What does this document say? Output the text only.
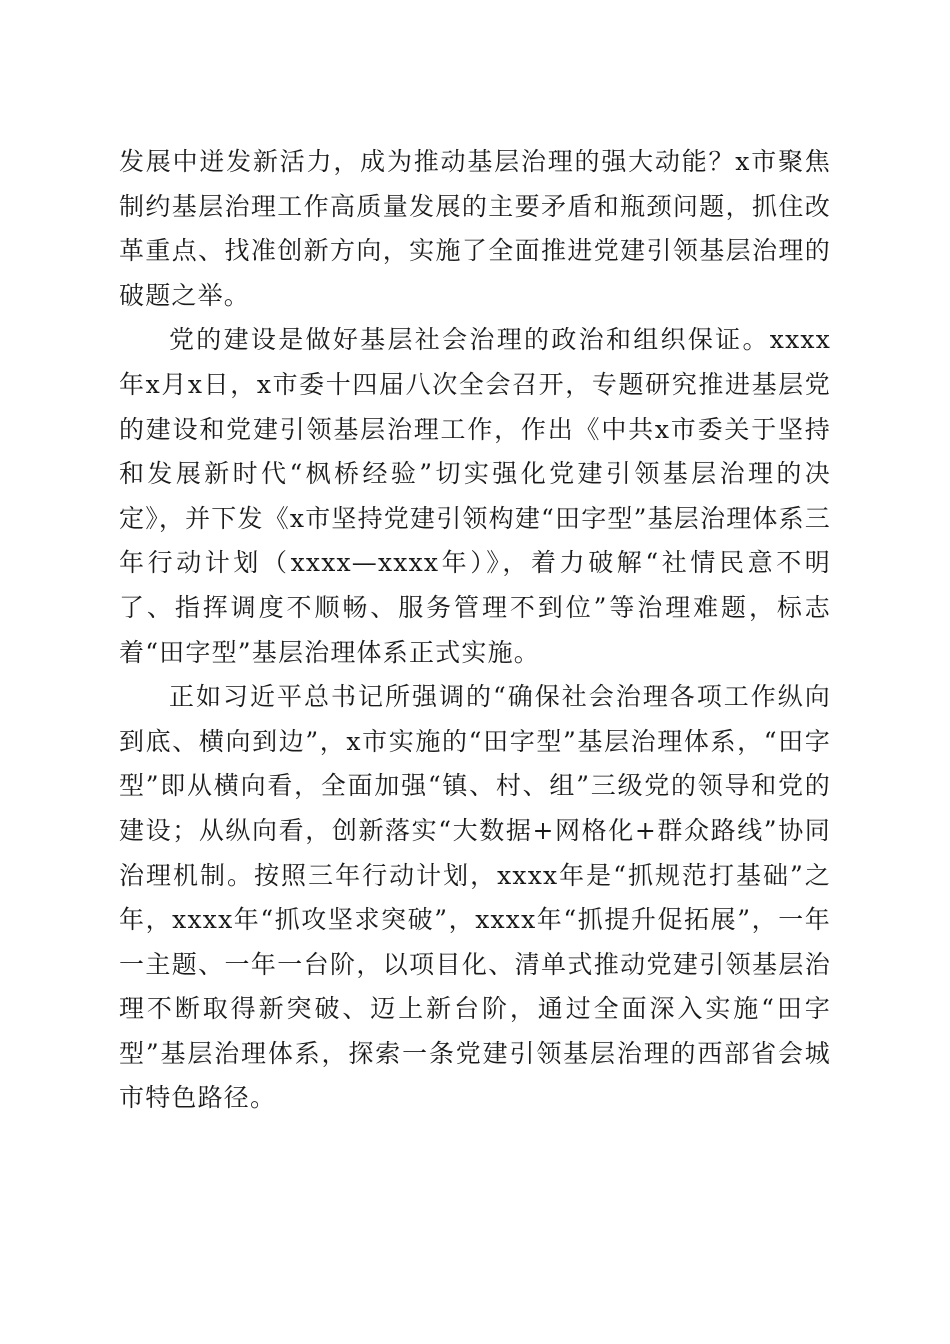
发展中迸发新活力，成为推动基层治理的强大动能？x市聚焦制约基层治理工作高质量发展的主要矛盾和瓶颈问题，抓住改革重点、找准创新方向，实施了全面推进党建引领基层治理的破题之举。

党的建设是做好基层社会治理的政治和组织保证。xxxx年x月x日，x市委十四届八次全会召开，专题研究推进基层党的建设和党建引领基层治理工作，作出《中共x市委关于坚持和发展新时代“枫桥经验”切实强化党建引领基层治理的决定》，并下发《x市坚持党建引领构建“田字型”基层治理体系三年行动计划（xxxx—xxxx年）》，着力破解“社情民意不明了、指挥调度不顺畅、服务管理不到位”等治理难题，标志着“田字型”基层治理体系正式实施。

正如习近平总书记所强调的“确保社会治理各项工作纵向到底、横向到边”，x市实施的“田字型”基层治理体系，“田字型”即从横向看，全面加强“镇、村、组”三级党的领导和党的建设；从纵向看，创新落实“大数据+网格化+群众路线”协同治理机制。按照三年行动计划，xxxx年是“抓规范打基础”之年，xxxx年“抓攻坚求突破”，xxxx年“抓提升促拓展”，一年一主题、一年一台阶，以项目化、清单式推动党建引领基层治理不断取得新突破、迈上新台阶，通过全面深入实施“田字型”基层治理体系，探索一条党建引领基层治理的西部省会城市特色路径。
